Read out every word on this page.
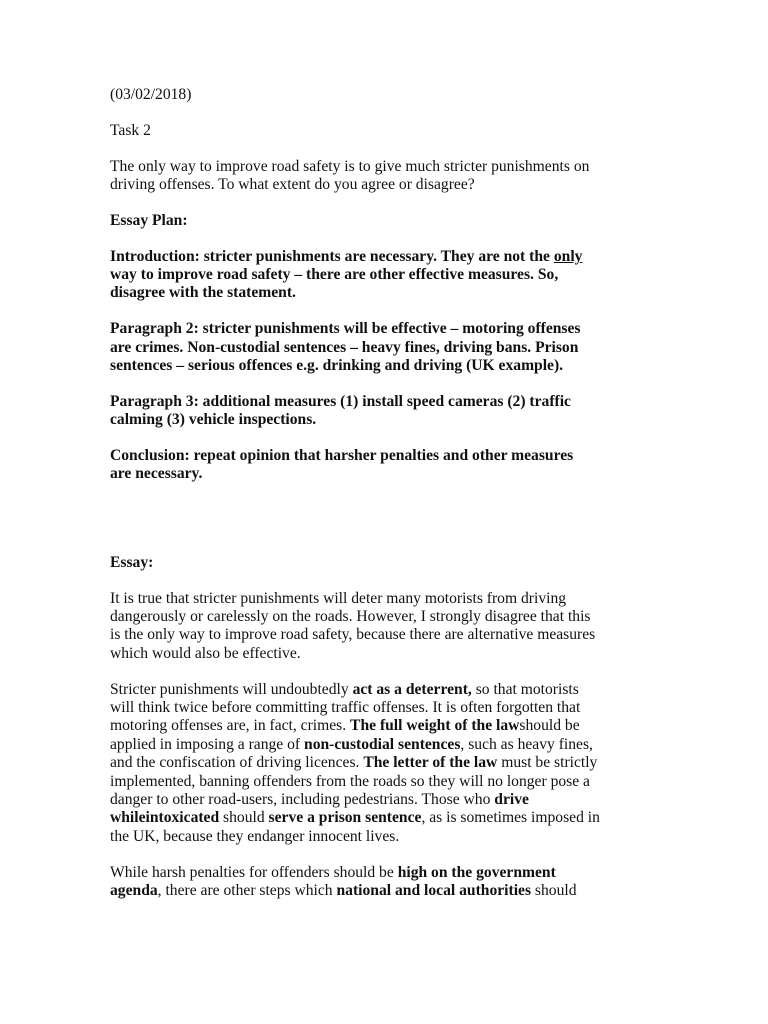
(03/02/2018)

Task 2

The only way to improve road safety is to give much stricter punishments on
driving offenses. To what extent do you agree or disagree?

Essay Plan:

Introduction: stricter punishments are necessary. They are not the only
way to improve road safety – there are other effective measures. So,
disagree with the statement.

Paragraph 2: stricter punishments will be effective – motoring offenses
are crimes. Non-custodial sentences – heavy fines, driving bans. Prison
sentences – serious offences e.g. drinking and driving (UK example).

Paragraph 3: additional measures (1) install speed cameras (2) traffic
calming (3) vehicle inspections.

Conclusion: repeat opinion that harsher penalties and other measures
are necessary.

Essay:

It is true that stricter punishments will deter many motorists from driving
dangerously or carelessly on the roads. However, I strongly disagree that this
is the only way to improve road safety, because there are alternative measures
which would also be effective.

Stricter punishments will undoubtedly act as a deterrent, so that motorists
will think twice before committing traffic offenses. It is often forgotten that
motoring offenses are, in fact, crimes. The full weight of the lawshould be
applied in imposing a range of non-custodial sentences, such as heavy fines,
and the confiscation of driving licences. The letter of the law must be strictly
implemented, banning offenders from the roads so they will no longer pose a
danger to other road-users, including pedestrians. Those who drive
whileintoxicated should serve a prison sentence, as is sometimes imposed in
the UK, because they endanger innocent lives.

While harsh penalties for offenders should be high on the government
agenda, there are other steps which national and local authorities should
